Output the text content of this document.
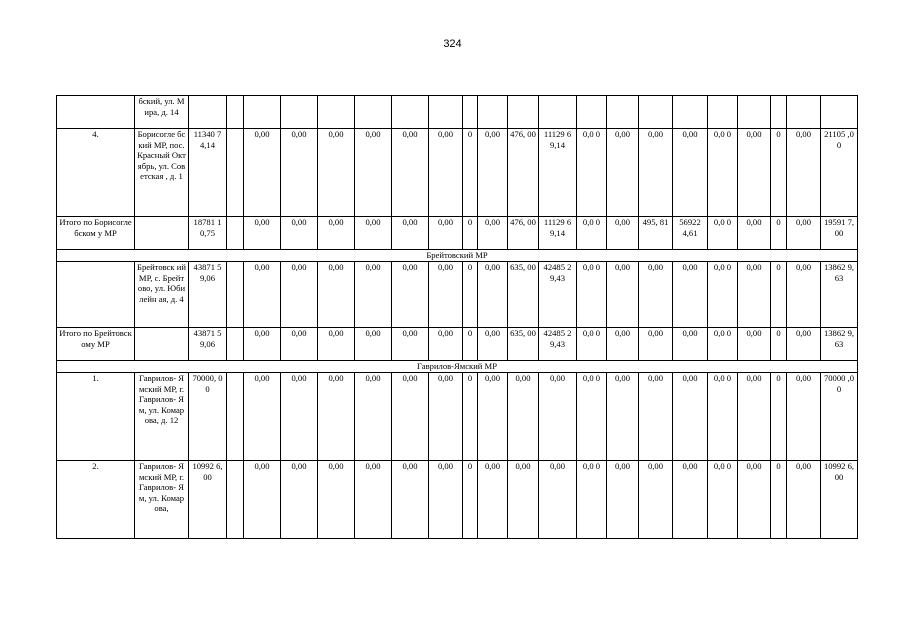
324
	бский, ул. Мира, д. 14																					
4.	Борисогле бский МР, пос. Красный Октябрь, ул. Советская , д. 1	11340 74,14		0,00	0,00	0,00	0,00	0,00	0,00	0	0,00	476, 00	11129 69,14	0,0 0	0,00	0,00	0,00	0,0 0	0,00	0	0,00	21105 ,00
Итого по Борисоглебском у МР		18781 10,75		0,00	0,00	0,00	0,00	0,00	0,00	0	0,00	476, 00	11129 69,14	0,0 0	0,00	495, 81	56922 4,61	0,0 0	0,00	0	0,00	19591 7,00
Брейтовский МР																						
	Брейтовск ий МР, с. Брейтово, ул. Юбилейн ая, д. 4	43871 59,06		0,00	0,00	0,00	0,00	0,00	0,00	0	0,00	635, 00	42485 29,43	0,0 0	0,00	0,00	0,00	0,0 0	0,00	0	0,00	13862 9,63
Итого по Брейтовскому МР		43871 59,06		0,00	0,00	0,00	0,00	0,00	0,00	0	0,00	635, 00	42485 29,43	0,0 0	0,00	0,00	0,00	0,0 0	0,00	0	0,00	13862 9,63
Гаврилов-Ямский МР																						
1.	Гаврилов- Ямский МР, г. Гаврилов- Ям, ул. Комарова, д. 12	70000, 00		0,00	0,00	0,00	0,00	0,00	0,00	0	0,00	0,00	0,00	0,0 0	0,00	0,00	0,00	0,0 0	0,00	0	0,00	70000 ,00
2.	Гаврилов- Ямский МР, г. Гаврилов- Ям, ул. Комарова,	10992 6,00		0,00	0,00	0,00	0,00	0,00	0,00	0	0,00	0,00	0,00	0,0 0	0,00	0,00	0,00	0,0 0	0,00	0	0,00	10992 6,00
